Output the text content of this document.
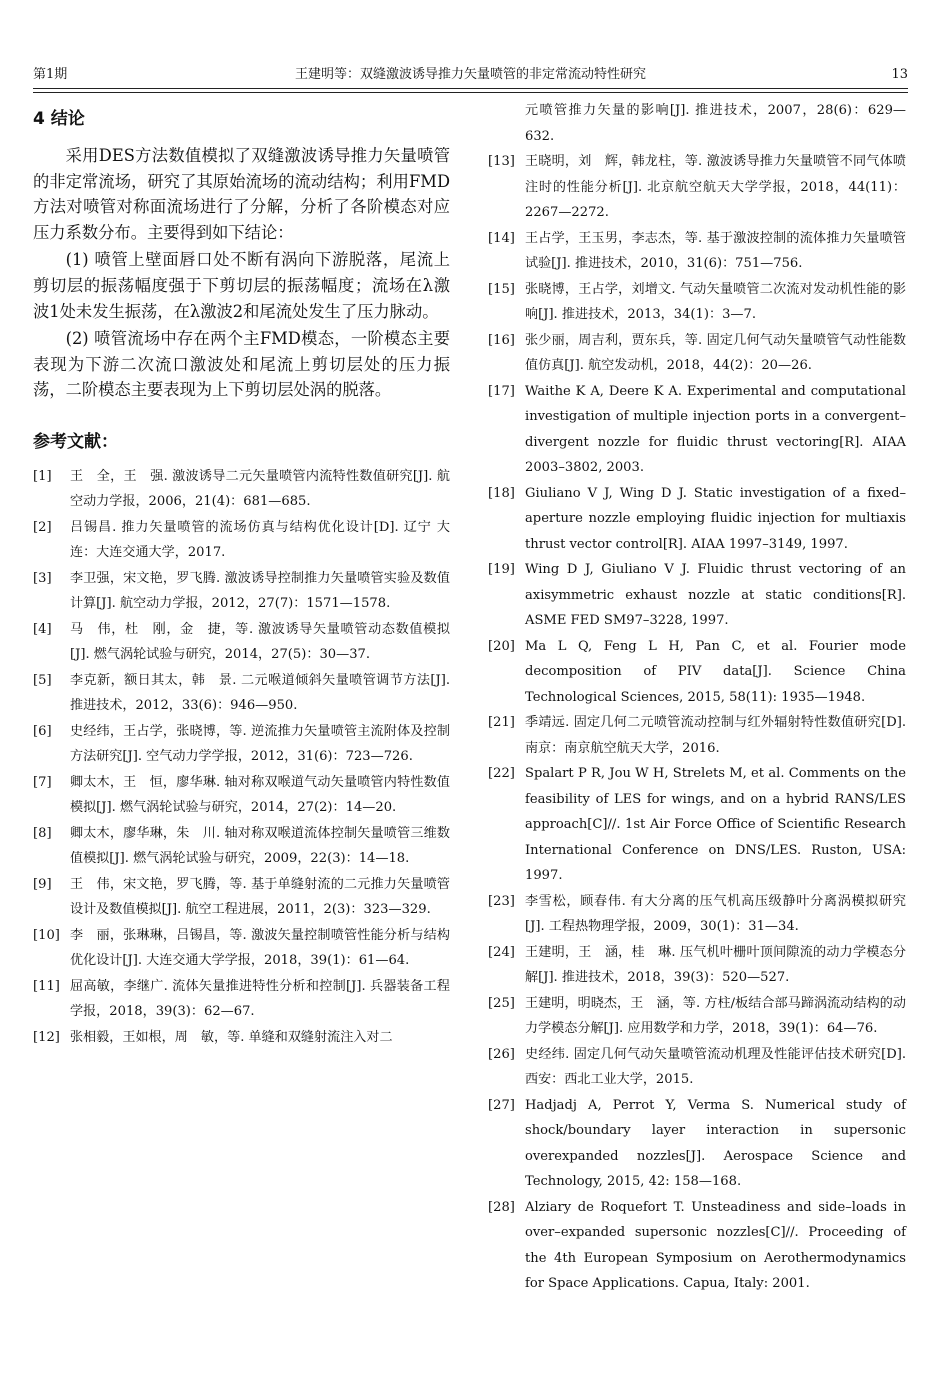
第1期	王建明等：双缝激波诱导推力矢量喷管的非定常流动特性研究	13
4 结论

采用DES方法数值模拟了双缝激波诱导推力矢量喷管的非定常流场，研究了其原始流场的流动结构；利用FMD方法对喷管对称面流场进行了分解，分析了各阶模态对应压力系数分布。主要得到如下结论：

(1) 喷管上壁面唇口处不断有涡向下游脱落，尾流上剪切层的振荡幅度强于下剪切层的振荡幅度；流场在λ激波1处未发生振荡，在λ激波2和尾流处发生了压力脉动。

(2) 喷管流场中存在两个主FMD模态，一阶模态主要表现为下游二次流口激波处和尾流上剪切层处的压力振荡，二阶模态主要表现为上下剪切层处涡的脱落。

参考文献：
[1]	王　全，王　强. 激波诱导二元矢量喷管内流特性数值研究[J]. 航空动力学报，2006，21(4)：681—685.
[2]	吕锡昌. 推力矢量喷管的流场仿真与结构优化设计[D]. 辽宁 大连：大连交通大学，2017.
[3]	李卫强，宋文艳，罗飞腾. 激波诱导控制推力矢量喷管实验及数值计算[J]. 航空动力学报，2012，27(7)：1571—1578.
[4]	马　伟，杜　刚，金　捷，等. 激波诱导矢量喷管动态数值模拟[J]. 燃气涡轮试验与研究，2014，27(5)：30—37.
[5]	李克新，额日其太，韩　景. 二元喉道倾斜矢量喷管调节方法[J]. 推进技术，2012，33(6)：946—950.
[6]	史经纬，王占学，张晓博，等. 逆流推力矢量喷管主流附体及控制方法研究[J]. 空气动力学学报，2012，31(6)：723—726.
[7]	卿太木，王　恒，廖华琳. 轴对称双喉道气动矢量喷管内特性数值模拟[J]. 燃气涡轮试验与研究，2014，27(2)：14—20.
[8]	卿太木，廖华琳，朱　川. 轴对称双喉道流体控制矢量喷管三维数值模拟[J]. 燃气涡轮试验与研究，2009，22(3)：14—18.
[9]	王　伟，宋文艳，罗飞腾，等. 基于单缝射流的二元推力矢量喷管设计及数值模拟[J]. 航空工程进展，2011，2(3)：323—329.
[10] 李　丽，张琳琳，吕锡昌，等. 激波矢量控制喷管性能分析与结构优化设计[J]. 大连交通大学学报，2018，39(1)：61—64.
[11] 屈高敏，李继广. 流体矢量推进特性分析和控制[J]. 兵器装备工程学报，2018，39(3)：62—67.
[12] 张相毅，王如根，周　敏，等. 单缝和双缝射流注入对二
元喷管推力矢量的影响[J]. 推进技术，2007，28(6)：629—632.
[13] 王晓明，刘　辉，韩龙柱，等. 激波诱导推力矢量喷管不同气体喷注时的性能分析[J]. 北京航空航天大学学报，2018，44(11)：2267—2272.
[14] 王占学，王玉男，李志杰，等. 基于激波控制的流体推力矢量喷管试验[J]. 推进技术，2010，31(6)：751—756.
[15] 张晓博，王占学，刘增文. 气动矢量喷管二次流对发动机性能的影响[J]. 推进技术，2013，34(1)：3—7.
[16] 张少丽，周吉利，贾东兵，等. 固定几何气动矢量喷管气动性能数值仿真[J]. 航空发动机，2018，44(2)：20—26.
[17] Waithe K A, Deere K A. Experimental and computational investigation of multiple injection ports in a convergent–divergent nozzle for fluidic thrust vectoring[R]. AIAA 2003–3802, 2003.
[18] Giuliano V J, Wing D J. Static investigation of a fixed–aperture nozzle employing fluidic injection for multiaxis thrust vector control[R]. AIAA 1997–3149, 1997.
[19] Wing D J, Giuliano V J. Fluidic thrust vectoring of an axisymmetric exhaust nozzle at static conditions[R]. ASME FED SM97–3228, 1997.
[20] Ma L Q, Feng L H, Pan C, et al. Fourier mode decomposition of PIV data[J]. Science China Technological Sciences, 2015, 58(11): 1935—1948.
[21] 季靖远. 固定几何二元喷管流动控制与红外辐射特性数值研究[D]. 南京：南京航空航天大学，2016.
[22] Spalart P R, Jou W H, Strelets M, et al. Comments on the feasibility of LES for wings, and on a hybrid RANS/LES approach[C]//. 1st Air Force Office of Scientific Research International Conference on DNS/LES. Ruston, USA: 1997.
[23] 李雪松，顾春伟. 有大分离的压气机高压级静叶分离涡模拟研究[J]. 工程热物理学报，2009，30(1)：31—34.
[24] 王建明，王　涵，桂　琳. 压气机叶栅叶顶间隙流的动力学模态分解[J]. 推进技术，2018，39(3)：520—527.
[25] 王建明，明晓杰，王　涵，等. 方柱/板结合部马蹄涡流动结构的动力学模态分解[J]. 应用数学和力学，2018，39(1)：64—76.
[26] 史经纬. 固定几何气动矢量喷管流动机理及性能评估技术研究[D]. 西安：西北工业大学，2015.
[27] Hadjadj A, Perrot Y, Verma S. Numerical study of shock/boundary layer interaction in supersonic overexpanded nozzles[J]. Aerospace Science and Technology, 2015, 42: 158—168.
[28] Alziary de Roquefort T. Unsteadiness and side–loads in over–expanded supersonic nozzles[C]//. Proceeding of the 4th European Symposium on Aerothermodynamics for Space Applications. Capua, Italy: 2001.
